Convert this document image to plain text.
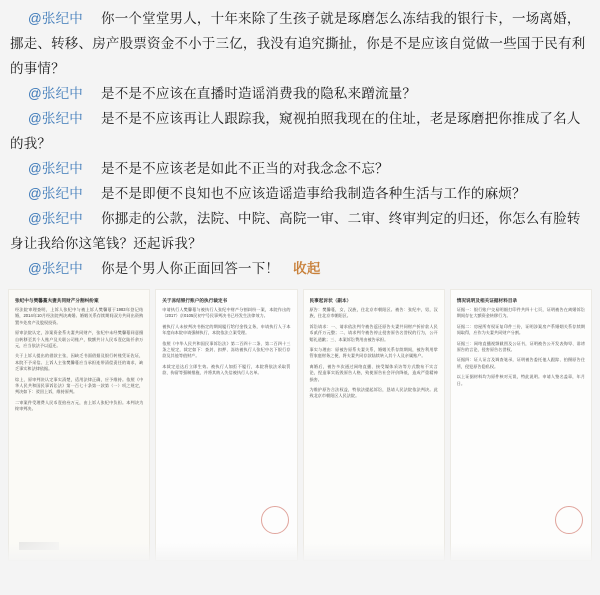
@张纪中 你一个堂堂男人，十年来除了生孩子就是琢磨怎么冻结我的银行卡，一场离婚，挪走、转移、房产股票资金不小于三亿，我没有追究撕扯，你是不是应该自觉做一些国于民有利的事情？

@张纪中 是不是不应该在直播时造谣消费我的隐私来蹭流量？

@张纪中 是不是不应该再让人跟踪我，窥视拍照我现在的住址，老是琢磨把你推成了名人的我？

@张纪中 是不是不应该老是如此不正当的对我念念不忘？

@张纪中 是不是即便不良知也不应该造谣造事给我制造各种生活与工作的麻烦？

@张纪中 你挪走的公款，法院、中院、高院一审、二审、终审判定的归还，你怎么有脸转身让我给你这笔钱？还起诉我？

@张纪中 你是个男人你正面回答一下！ 收起

张纪中与樊馨蔓夫妻共同财产分割纠纷案

经法院审理查明，上诉人张纪中与被上诉人樊馨蔓于1983年登记结婚，2014年10月经法院判决离婚。婚姻关系存续期间双方共同出资购置多处房产及股权投资。

原审法院认定，涉案资金系夫妻共同财产，张纪中未经樊馨蔓同意擅自转移至其个人账户及关联公司账户，数额共计人民币壹亿陆仟余万元，应当依法予以返还。

关于上诉人提出的借款主张，因缺乏书面借据及银行转账凭证佐证，本院不予采信。上诉人主张樊馨蔓应当承担连带清偿责任的请求，缺乏事实和法律依据。

综上，原审判决认定事实清楚，适用法律正确，应予维持。依照《中华人民共和国民事诉讼法》第一百七十条第一款第（一）项之规定，判决如下：驳回上诉，维持原判。

二审案件受理费人民币壹拾叁万元，由上诉人张纪中负担。本判决为终审判决。

关于冻结银行账户的执行裁定书

申请执行人樊馨蔓与被执行人张纪中财产分割纠纷一案，本院作出的（2017）京0105民初字号民事判决书已经发生法律效力。

被执行人未按判决书指定的期间履行给付金钱义务，申请执行人于本年度向本院申请强制执行，本院依法立案受理。

依照《中华人民共和国民事诉讼法》第二百四十二条、第二百四十三条之规定，裁定如下：查封、扣押、冻结被执行人张纪中名下银行存款及其他等值财产。

本裁定送达后立即生效。被执行人如拒不履行，本院将依法采取罚款、拘留等强制措施，并将其纳入失信被执行人名单。

民事起诉状（副本）

原告：樊馨蔓，女，汉族，住北京市朝阳区。被告：张纪中，男，汉族，住北京市朝阳区。

诉讼请求：一、请求依法判令被告返还原告夫妻共同财产折价款人民币贰仟万元整；二、请求判令被告停止侵害原告名誉权的行为，公开赔礼道歉；三、本案诉讼费用由被告承担。

事实与理由：原被告原系夫妻关系，婚姻关系存续期间，被告利用掌管家庭财务之便，将夫妻共同存款陆续转入其个人及亲属账户。

离婚后，被告多次通过网络直播、接受媒体采访等方式散布不实言论，捏造事实诋毁原告人格，致使原告社会评价降低，造成严重精神损害。

为维护原告合法权益，特依法提起诉讼，恳请人民法院依法判决。此致北京市朝阳区人民法院。

情况说明及相关证据材料目录

证据一：银行账户交易明细打印件共四十七页，证明被告在离婚诉讼期间存在大额资金转移行为。

证据二：房屋所有权证复印件三份，证明涉案房产系婚姻关系存续期间取得，应作为夫妻共同财产分割。

证据三：网络直播视频截图及公证书，证明被告公开发表侮辱、诽谤原告的言论，侵害原告名誉权。

证据四：证人证言及调查笔录，证明被告委托他人跟踪、拍摄原告住所，侵犯原告隐私权。

以上证据材料均为原件核对无误，特此说明。申请人签名盖章，年月日。
